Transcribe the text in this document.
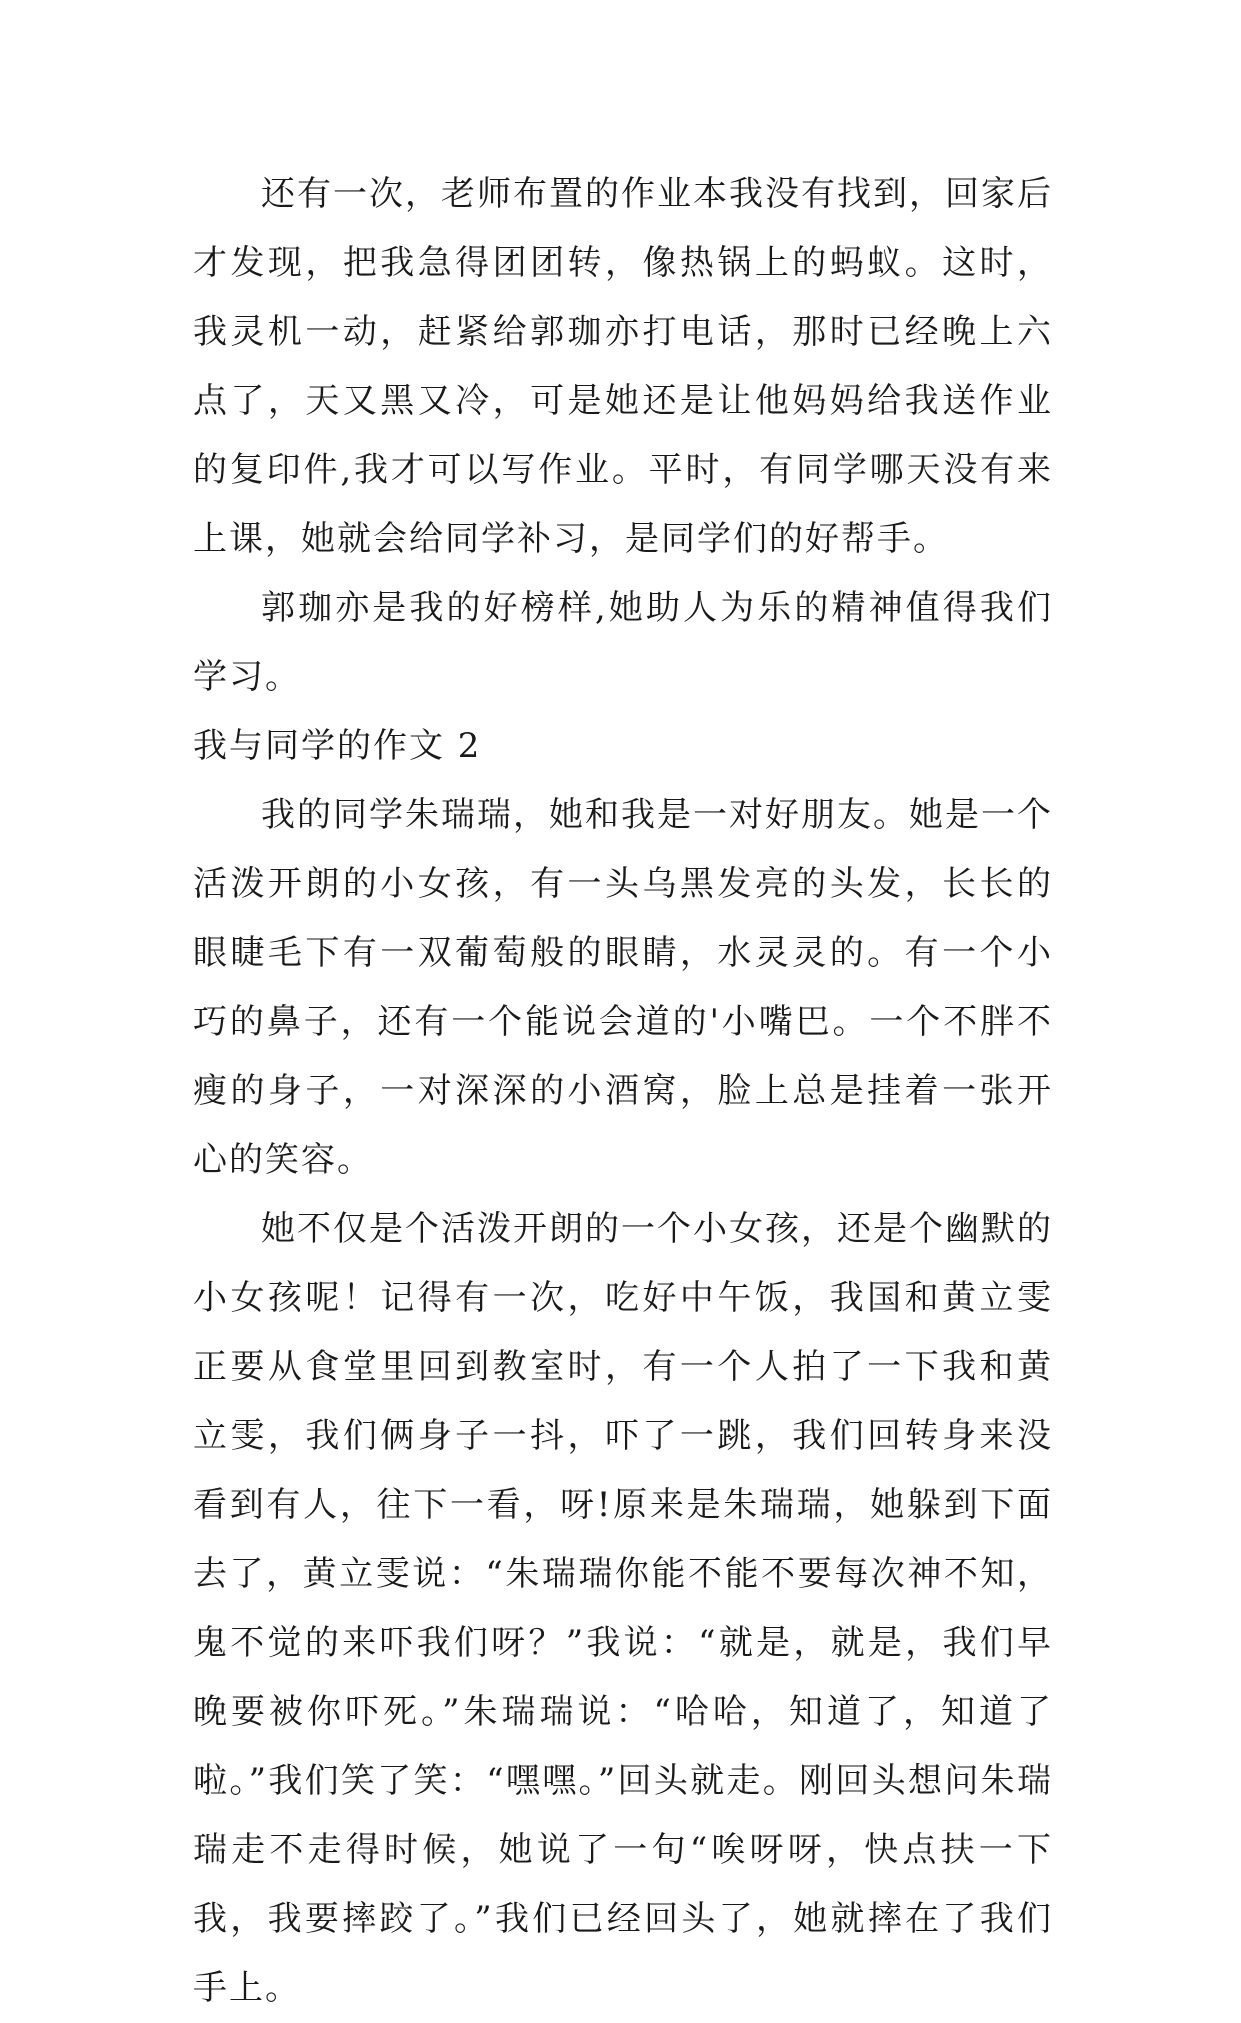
还有一次，老师布置的作业本我没有找到，回家后才发现，把我急得团团转，像热锅上的蚂蚁。这时，我灵机一动，赶紧给郭珈亦打电话，那时已经晚上六点了，天又黑又冷，可是她还是让他妈妈给我送作业的复印件,我才可以写作业。平时，有同学哪天没有来上课，她就会给同学补习，是同学们的好帮手。

郭珈亦是我的好榜样,她助人为乐的精神值得我们学习。

我与同学的作文 2

我的同学朱瑞瑞，她和我是一对好朋友。她是一个活泼开朗的小女孩，有一头乌黑发亮的头发，长长的眼睫毛下有一双葡萄般的眼睛，水灵灵的。有一个小巧的鼻子，还有一个能说会道的'小嘴巴。一个不胖不瘦的身子，一对深深的小酒窝，脸上总是挂着一张开心的笑容。

她不仅是个活泼开朗的一个小女孩，还是个幽默的小女孩呢！记得有一次，吃好中午饭，我国和黄立雯正要从食堂里回到教室时，有一个人拍了一下我和黄立雯，我们俩身子一抖，吓了一跳，我们回转身来没看到有人，往下一看，呀!原来是朱瑞瑞，她躲到下面去了，黄立雯说：“朱瑞瑞你能不能不要每次神不知，鬼不觉的来吓我们呀？”我说：“就是，就是，我们早晚要被你吓死。”朱瑞瑞说：“哈哈，知道了，知道了啦。”我们笑了笑：“嘿嘿。”回头就走。刚回头想问朱瑞瑞走不走得时候，她说了一句“唉呀呀，快点扶一下我，我要摔跤了。”我们已经回头了，她就摔在了我们手上。
